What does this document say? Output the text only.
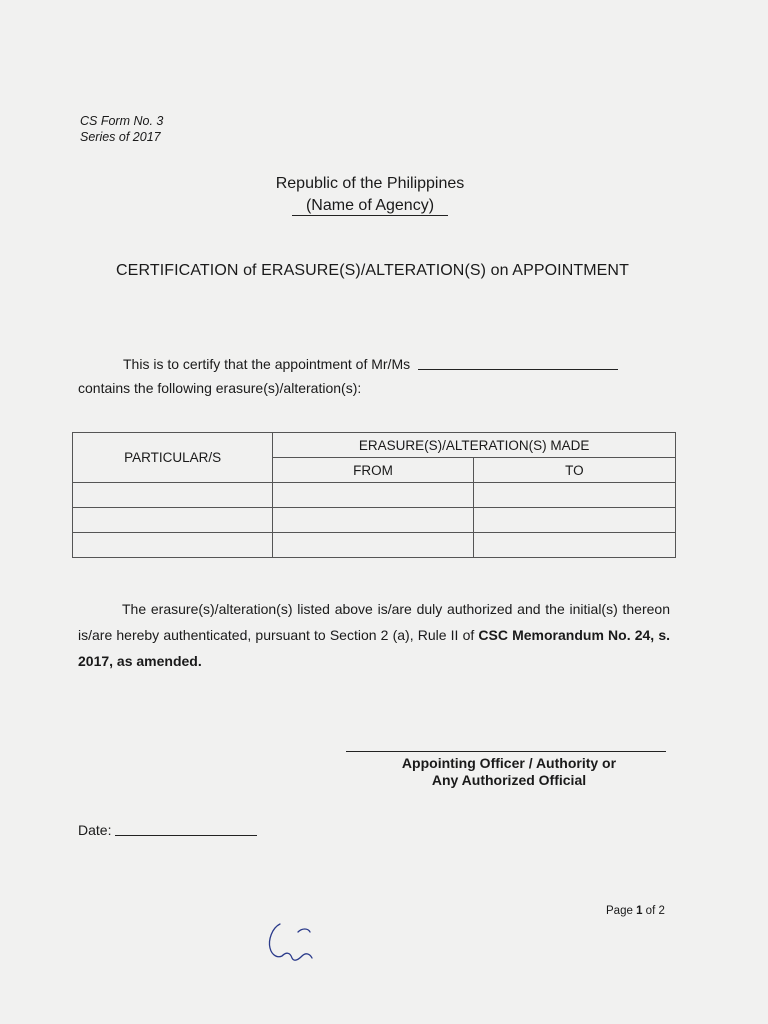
CS Form No. 3
Series of 2017
Republic of the Philippines
(Name of Agency)
CERTIFICATION of ERASURE(S)/ALTERATION(S) on APPOINTMENT
This is to certify that the appointment of Mr/Ms
contains the following erasure(s)/alteration(s):
PARTICULAR/S	ERASURE(S)/ALTERATION(S) MADE	
	FROM	TO

The erasure(s)/alteration(s) listed above is/are duly authorized and the initial(s) thereon is/are hereby authenticated, pursuant to Section 2 (a), Rule II of CSC Memorandum No. 24, s. 2017, as amended.
Appointing Officer / Authority or
Any Authorized Official
Date:
Page 1 of 2
